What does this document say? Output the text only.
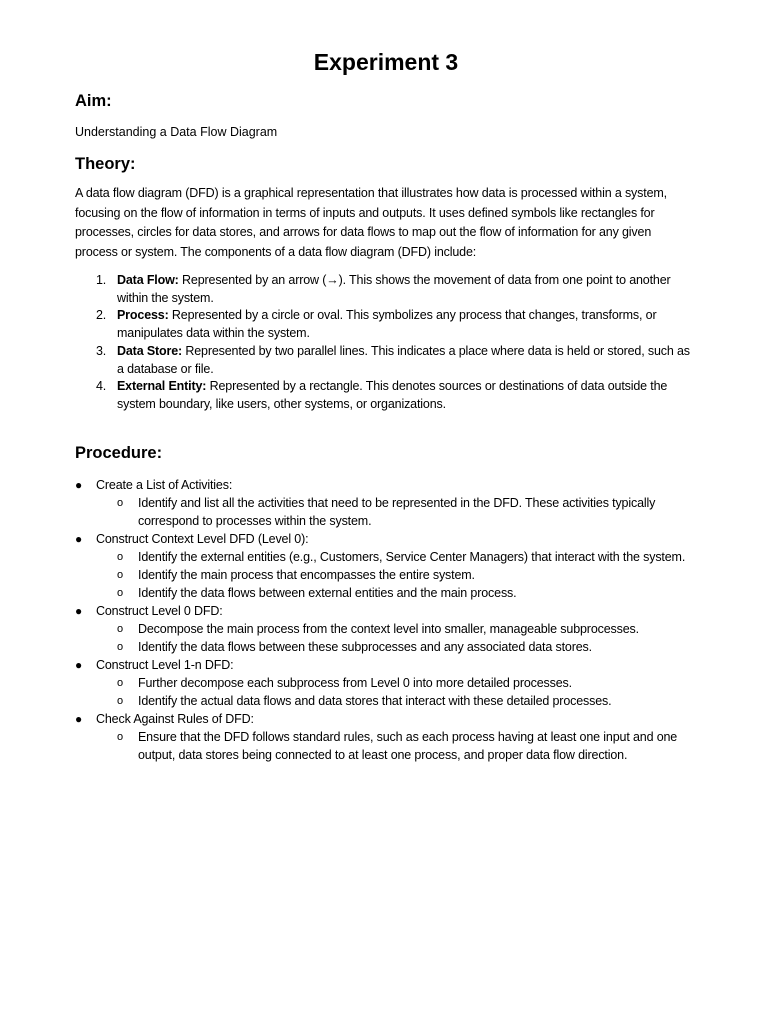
Experiment 3
Aim:

Understanding a Data Flow Diagram

Theory:

A data flow diagram (DFD) is a graphical representation that illustrates how data is processed within a system, focusing on the flow of information in terms of inputs and outputs. It uses defined symbols like rectangles for processes, circles for data stores, and arrows for data flows to map out the flow of information for any given process or system. The components of a data flow diagram (DFD) include:

1. Data Flow: Represented by an arrow (→). This shows the movement of data from one point to another within the system.
2. Process: Represented by a circle or oval. This symbolizes any process that changes, transforms, or manipulates data within the system.
3. Data Store: Represented by two parallel lines. This indicates a place where data is held or stored, such as a database or file.
4. External Entity: Represented by a rectangle. This denotes sources or destinations of data outside the system boundary, like users, other systems, or organizations.
Procedure:
● Create a List of Activities:
o Identify and list all the activities that need to be represented in the DFD. These activities typically correspond to processes within the system.
● Construct Context Level DFD (Level 0):
o Identify the external entities (e.g., Customers, Service Center Managers) that interact with the system.
o Identify the main process that encompasses the entire system.
o Identify the data flows between external entities and the main process.
● Construct Level 0 DFD:
o Decompose the main process from the context level into smaller, manageable subprocesses.
o Identify the data flows between these subprocesses and any associated data stores.
● Construct Level 1-n DFD:
o Further decompose each subprocess from Level 0 into more detailed processes.
o Identify the actual data flows and data stores that interact with these detailed processes.
● Check Against Rules of DFD:
o Ensure that the DFD follows standard rules, such as each process having at least one input and one output, data stores being connected to at least one process, and proper data flow direction.
